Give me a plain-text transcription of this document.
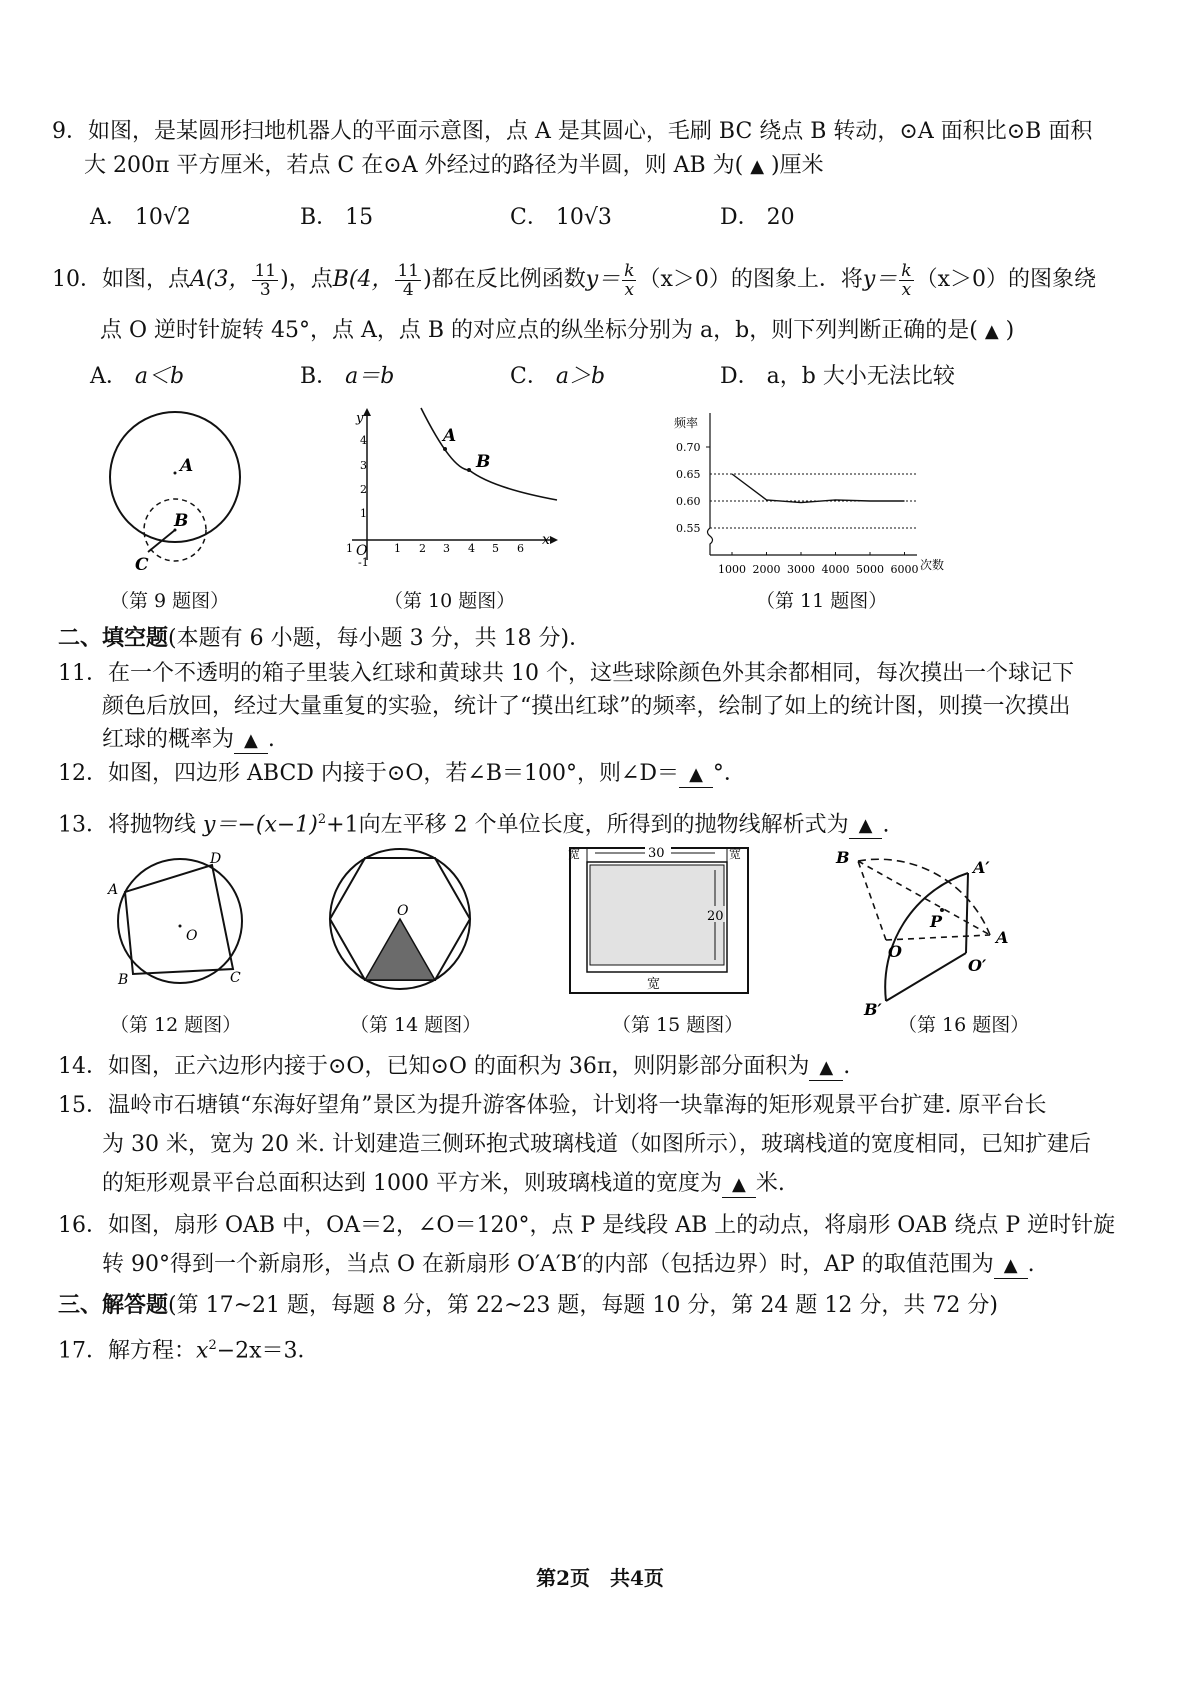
9．如图，是某圆形扫地机器人的平面示意图，点 A 是其圆心，毛刷 BC 绕点 B 转动，⊙A 面积比⊙B 面积
大 200π 平方厘米，若点 C 在⊙A 外经过的路径为半圆，则 AB 为( ▲ )厘米
A． 10√2	B． 15	C． 10√3	D． 20
10．如图，点A(3， $\frac{11}{3}$ )，点B(4， $\frac{11}{4}$ )都在反比例函数$y= \frac{k}{x} (x>0)$的图象上．将$y= \frac{k}{x} (x>0)$的图象绕
点 O 逆时针旋转 45°，点 A，点 B 的对应点的纵坐标分别为 a，b，则下列判断正确的是( ▲ )
A． a＜b	B． a＝b	C． a＞b	D． a，b 大小无法比较
A
B
C
（第 9 题图）
y
x
O
4
3
2
1
-1
1	1 2 3 4 5 6
A
B
（第 10 题图）
频率
次数
0.70
0.65
0.60
0.55
1000 2000 3000 4000 5000 6000
（第 11 题图）
二、填空题(本题有 6 小题，每小题 3 分，共 18 分)．
11．在一个不透明的箱子里装入红球和黄球共 10 个，这些球除颜色外其余都相同，每次摸出一个球记下
颜色后放回，经过大量重复的实验，统计了“摸出红球”的频率，绘制了如上的统计图，则摸一次摸出
红球的概率为 ▲ .
12．如图，四边形 ABCD 内接于⊙O，若∠B＝100°，则∠D＝ ▲ °．
13．将抛物线 $y=-(x-1)^2+1$向左平移 2 个单位长度，所得到的抛物线解析式为 ▲ .
A
B	C
D
O
（第 12 题图）
O
（第 14 题图）
30
宽	宽
20
宽
（第 15 题图）
B
A′
P
A
O
O′
B′
（第 16 题图）
14．如图，正六边形内接于⊙O，已知⊙O 的面积为 36π，则阴影部分面积为 ▲ .
15．温岭市石塘镇“东海好望角”景区为提升游客体验，计划将一块靠海的矩形观景平台扩建. 原平台长
为 30 米，宽为 20 米. 计划建造三侧环抱式玻璃栈道（如图所示），玻璃栈道的宽度相同，已知扩建后
的矩形观景平台总面积达到 1000 平方米，则玻璃栈道的宽度为 ▲ 米.
16．如图，扇形 OAB 中，OA＝2，∠O＝120°，点 P 是线段 AB 上的动点，将扇形 OAB 绕点 P 逆时针旋
转 90°得到一个新扇形，当点 O 在新扇形 O′A′B′的内部（包括边界）时，AP 的取值范围为 ▲ .
三、解答题(第 17~21 题，每题 8 分，第 22~23 题，每题 10 分，第 24 题 12 分，共 72 分)
17．解方程：$x^2-2x=3$．
第2页　共4页
